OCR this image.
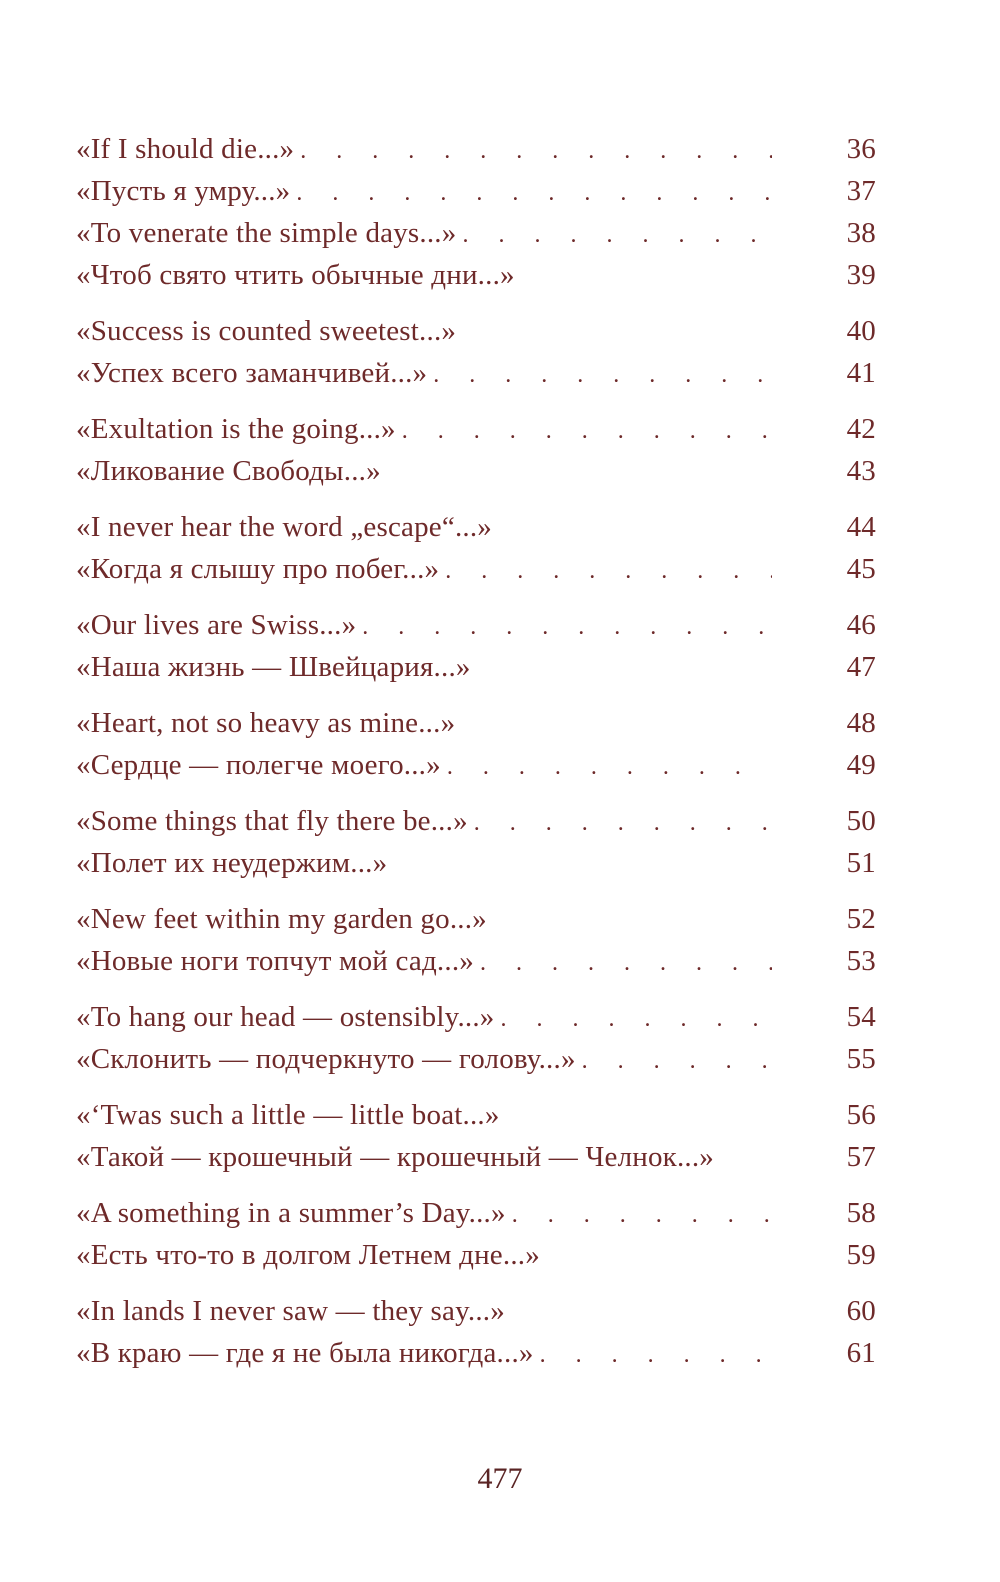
«If I should die...» . . .	36
«Пусть я умру...» . . .	37
«To venerate the simple days...» . . .	38
«Чтоб свято чтить обычные дни...»	39
«Success is counted sweetest...»	40
«Успех всего заманчивей...» . . .	41
«Exultation is the going...» . . .	42
«Ликование Свободы...»	43
«I never hear the word „escape“...»	44
«Когда я слышу про побег...» . . .	45
«Our lives are Swiss...» . . .	46
«Наша жизнь — Швейцария...»	47
«Heart, not so heavy as mine...»	48
«Сердце — полегче моего...» . . .	49
«Some things that fly there be...» . . .	50
«Полет их неудержим...»	51
«New feet within my garden go...»	52
«Новые ноги топчут мой сад...» . . .	53
«To hang our head — ostensibly...» . . .	54
«Склонить — подчеркнуто — голову...» . . .	55
«‘Twas such a little — little boat...»	56
«Такой — крошечный — крошечный — Челнок...»	57
«A something in a summer’s Day...» . . .	58
«Есть что-то в долгом Летнем дне...»	59
«In lands I never saw — they say...»	60
«В краю — где я не была никогда...» . . .	61
477
